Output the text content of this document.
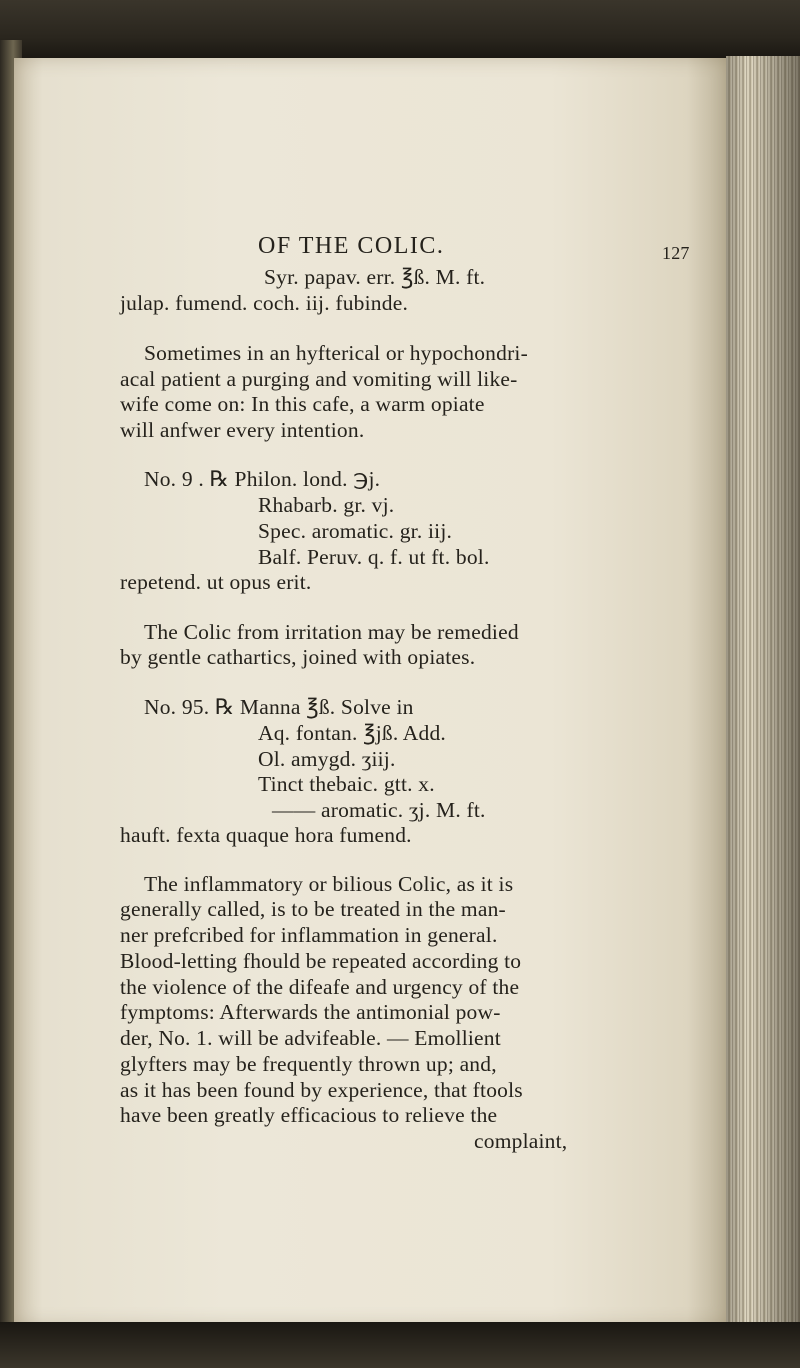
OF THE COLIC.	127
Syr. papav. err. ℥ß. M. ft.
julap. fumend. coch. iij. fubinde.
Sometimes in an hyfterical or hypochondri-
acal patient a purging and vomiting will like-
wife come on: In this cafe, a warm opiate
will anfwer every intention.
No. 9 . ℞ Philon. lond. ℈j.
Rhabarb. gr. vj.
Spec. aromatic. gr. iij.
Balf. Peruv. q. f. ut ft. bol.
repetend. ut opus erit.
The Colic from irritation may be remedied
by gentle cathartics, joined with opiates.
No. 95. ℞ Manna ℥ß. Solve in
Aq. fontan. ℥jß. Add.
Ol. amygd. ʒiij.
Tinct thebaic. gtt. x.
—— aromatic. ʒj. M. ft.
hauft. fexta quaque hora fumend.
The inflammatory or bilious Colic, as it is
generally called, is to be treated in the man-
ner prefcribed for inflammation in general.
Blood-letting fhould be repeated according to
the violence of the difeafe and urgency of the
fymptoms: Afterwards the antimonial pow-
der, No. 1. will be advifeable. — Emollient
glyfters may be frequently thrown up; and,
as it has been found by experience, that ftools
have been greatly efficacious to relieve the
complaint,
